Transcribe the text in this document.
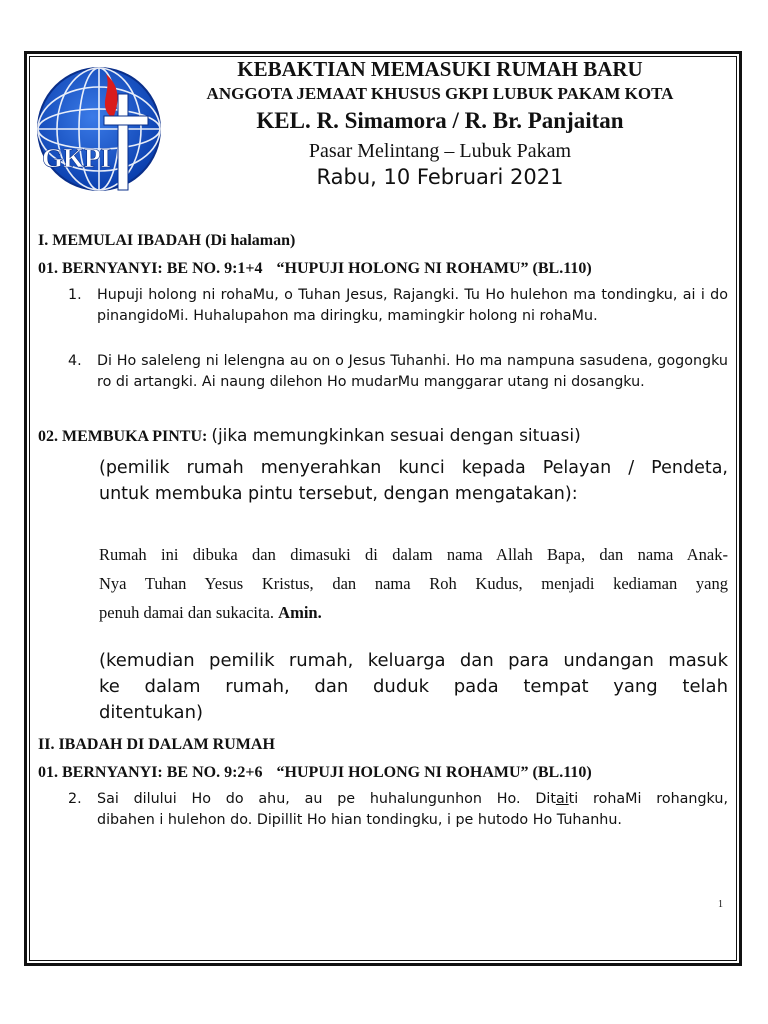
GKPI
KEBAKTIAN MEMASUKI RUMAH BARU
ANGGOTA JEMAAT KHUSUS GKPI LUBUK PAKAM KOTA
KEL. R. Simamora / R. Br. Panjaitan
Pasar Melintang – Lubuk Pakam
Rabu, 10 Februari 2021
I. MEMULAI IBADAH (Di halaman)
01. BERNYANYI: BE NO. 9:1+4 “HUPUJI HOLONG NI ROHAMU” (BL.110)
1.	Hupuji holong ni rohaMu, o Tuhan Jesus, Rajangki. Tu Ho hulehon ma tondingku, ai i do pinangidoMi. Huhalupahon ma diringku, mamingkir holong ni rohaMu.
4.	Di Ho saleleng ni lelengna au on o Jesus Tuhanhi. Ho ma nampuna sasudena, gogongku ro di artangki. Ai naung dilehon Ho mudarMu manggarar utang ni dosangku.
02. MEMBUKA PINTU: (jika memungkinkan sesuai dengan situasi)
(pemilik rumah menyerahkan kunci kepada Pelayan / Pendeta,
untuk membuka pintu tersebut, dengan mengatakan):
Rumah ini dibuka dan dimasuki di dalam nama Allah Bapa, dan nama Anak-
Nya Tuhan Yesus Kristus, dan nama Roh Kudus, menjadi kediaman yang
penuh damai dan sukacita. Amin.
(kemudian pemilik rumah, keluarga dan para undangan masuk
ke dalam rumah, dan duduk pada tempat yang telah
ditentukan)
II. IBADAH DI DALAM RUMAH
01. BERNYANYI: BE NO. 9:2+6 “HUPUJI HOLONG NI ROHAMU” (BL.110)
2.	Sai dilului Ho do ahu, au pe huhalungunhon Ho. Ditaiti rohaMi rohangku,
dibahen i hulehon do. Dipillit Ho hian tondingku, i pe hutodo Ho Tuhanhu.
1
